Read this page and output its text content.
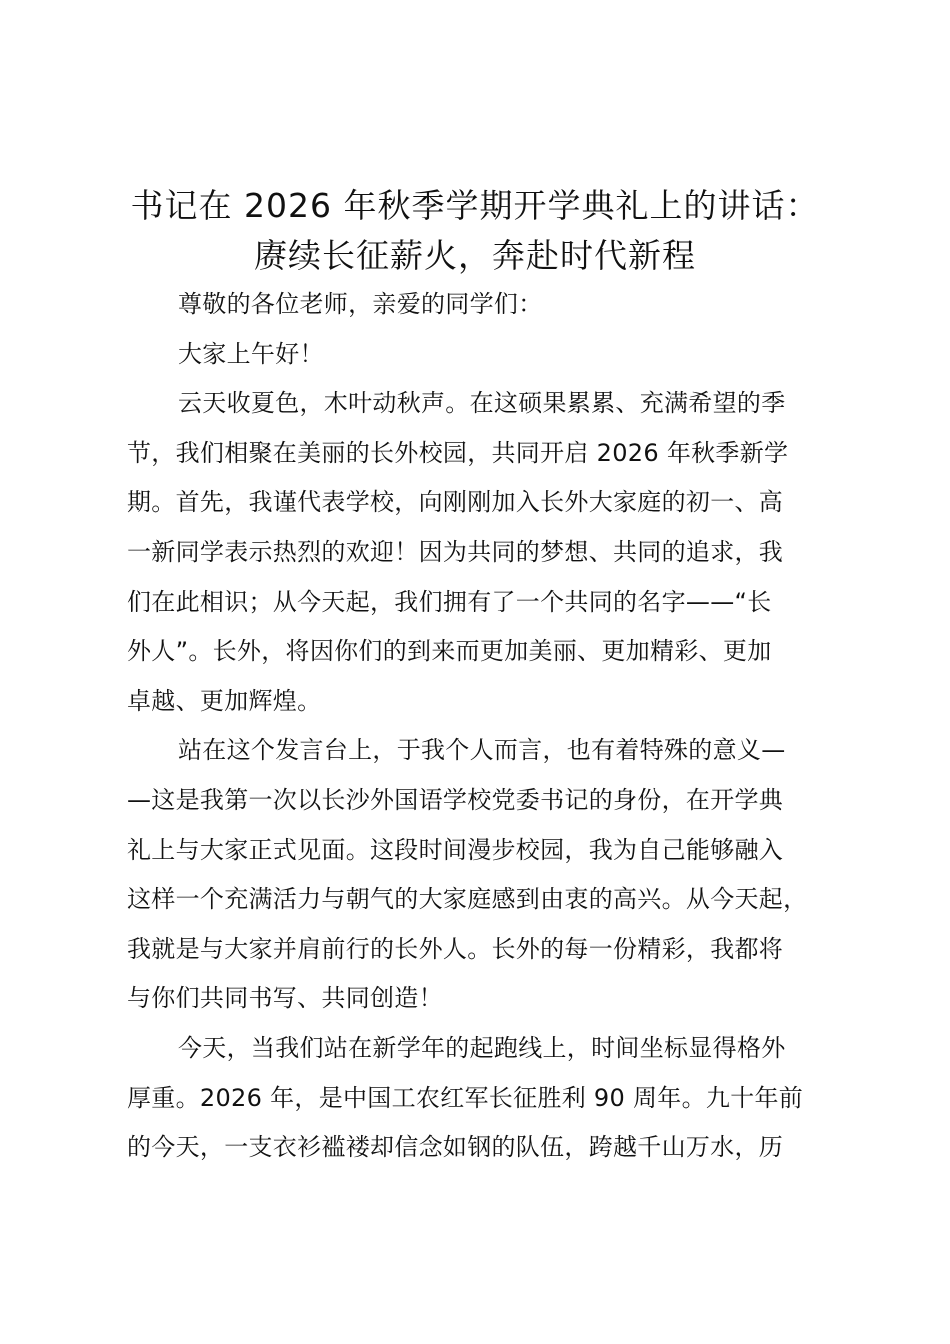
书记在 2026 年秋季学期开学典礼上的讲话：
赓续长征薪火，奔赴时代新程
尊敬的各位老师，亲爱的同学们：
大家上午好！
云天收夏色，木叶动秋声。在这硕果累累、充满希望的季
节，我们相聚在美丽的长外校园，共同开启 2026 年秋季新学
期。首先，我谨代表学校，向刚刚加入长外大家庭的初一、高
一新同学表示热烈的欢迎！因为共同的梦想、共同的追求，我
们在此相识；从今天起，我们拥有了一个共同的名字——“长
外人”。长外，将因你们的到来而更加美丽、更加精彩、更加
卓越、更加辉煌。
站在这个发言台上，于我个人而言，也有着特殊的意义—
—这是我第一次以长沙外国语学校党委书记的身份，在开学典
礼上与大家正式见面。这段时间漫步校园，我为自己能够融入
这样一个充满活力与朝气的大家庭感到由衷的高兴。从今天起，
我就是与大家并肩前行的长外人。长外的每一份精彩，我都将
与你们共同书写、共同创造！
今天，当我们站在新学年的起跑线上，时间坐标显得格外
厚重。2026 年，是中国工农红军长征胜利 90 周年。九十年前
的今天，一支衣衫褴褛却信念如钢的队伍，跨越千山万水，历
